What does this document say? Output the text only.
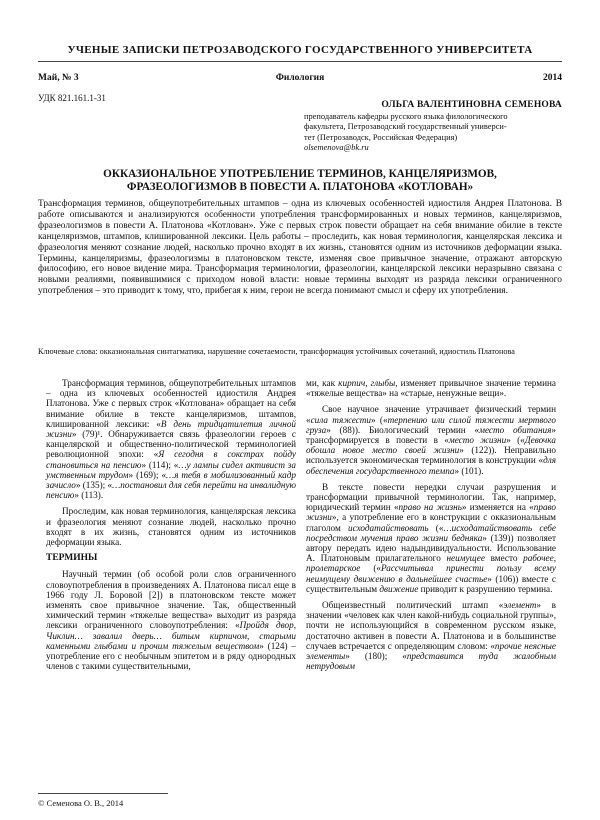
УЧЕНЫЕ ЗАПИСКИ ПЕТРОЗАВОДСКОГО ГОСУДАРСТВЕННОГО УНИВЕРСИТЕТА
Май, № 3	Филология	2014
УДК 821.161.1-31
ОЛЬГА ВАЛЕНТИНОВНА СЕМЕНОВА
преподаватель кафедры русского языка филологического
факультета, Петрозаводский государственный универси-
тет (Петрозаводск, Российская Федерация)
olsemenova@bk.ru
ОККАЗИОНАЛЬНОЕ УПОТРЕБЛЕНИЕ ТЕРМИНОВ, КАНЦЕЛЯРИЗМОВ,
ФРАЗЕОЛОГИЗМОВ В ПОВЕСТИ А. ПЛАТОНОВА «КОТЛОВАН»
Трансформация терминов, общеупотребительных штампов – одна из ключевых особенностей идиостиля Андрея Платонова. В работе описываются и анализируются особенности употребления трансформированных и новых терминов, канцеляризмов, фразеологизмов в повести А. Платонова «Котлован». Уже с первых строк повести обращает на себя внимание обилие в тексте канцеляризмов, штампов, клишированной лексики. Цель работы – проследить, как новая терминология, канцелярская лексика и фразеология меняют сознание людей, насколько прочно входят в их жизнь, становятся одним из источников деформации языка. Термины, канцеляризмы, фразеологизмы в платоновском тексте, изменяя свое привычное значение, отражают авторскую философию, его новое видение мира. Трансформация терминологии, фразеологии, канцелярской лексики неразрывно связана с новыми реалиями, появившимися с приходом новой власти: новые термины выходят из разряда лексики ограниченного употребления – это приводит к тому, что, прибегая к ним, герои не всегда понимают смысл и сферу их употребления.
Ключевые слова: окказиональная синтагматика, нарушение сочетаемости, трансформация устойчивых сочетаний, идиостиль Платонова

Трансформация терминов, общеупотребительных штампов – одна из ключевых особенностей идиостиля Андрея Платонова. Уже с первых строк «Котлована» обращает на себя внимание обилие в тексте канцеляризмов, штампов, клишированной лексики: «В день тридцатилетия личной жизни» (79)¹. Обнаруживается связь фразеологии героев с канцелярской и общественно-политической терминологией революционной эпохи: «Я сегодня в сокстрах пойду становиться на пенсию» (114); «…у лампы сидел активист за умственным трудом» (169); «…я тебя в мобилизованный кадр зачисло» (135); «…постановил для себя перейти на инвалидную пенсию» (113).

Проследим, как новая терминология, канцелярская лексика и фразеология меняют сознание людей, насколько прочно входят в их жизнь, становятся одним из источников деформации языка.

ТЕРМИНЫ

Научный термин (об особой роли слов ограниченного словоупотребления в произведениях А. Платонова писал еще в 1966 году Л. Боровой [2]) в платоновском тексте может изменять свое привычное значение. Так, общественный химический термин «тяжелые вещества» выходит из разряда лексики ограниченного словоупотребления: «Пройдя двор, Чиклин… завалил дверь… битым кирпичом, старыми каменными глыбами и прочим тяжелым веществом» (124) – употребление его с необычным эпитетом и в ряду однородных членов с такими существительными,

ми, как кирпич, глыбы, изменяет привычное значение термина «тяжелые вещества» на «старые, ненужные вещи».

Свое научное значение утрачивает физический термин «сила тяжести» («терпению или силой тяжести мертвого груза» (88)). Биологический термин «место обитания» трансформируется в повести в «место жизни» («Девочка обошла новое место своей жизни» (122)). Неправильно используется экономическая терминология в конструкции «для обеспечения государственного темпа» (101).

В тексте повести нередки случаи разрушения и трансформации привычной терминологии. Так, например, юридический термин «право на жизнь» изменяется на «право жизни», а употребление его в конструкции с окказиональным глаголом исходатайствовать («…исходатайствовать себе посредством мучения право жизни бедняка» (139)) позволяет автору передать идею надындивидуальности. Использование А. Платоновым прилагательного неимущее вместо рабочее, пролетарское («Рассчитывал принести пользу всему неимущему движению в дальнейшее счастье» (106)) вместе с существительным движение приводит к разрушению термина.

Общеизвестный политический штамп «элемент» в значении «человек как член какой-нибудь социальной группы», почти не использующийся в современном русском языке, достаточно активен в повести А. Платонова и в большинстве случаев встречается с определяющим словом: «прочие неясные элементы» (180); «представится туда жалобным нетрудовым

© Семенова О. В., 2014
